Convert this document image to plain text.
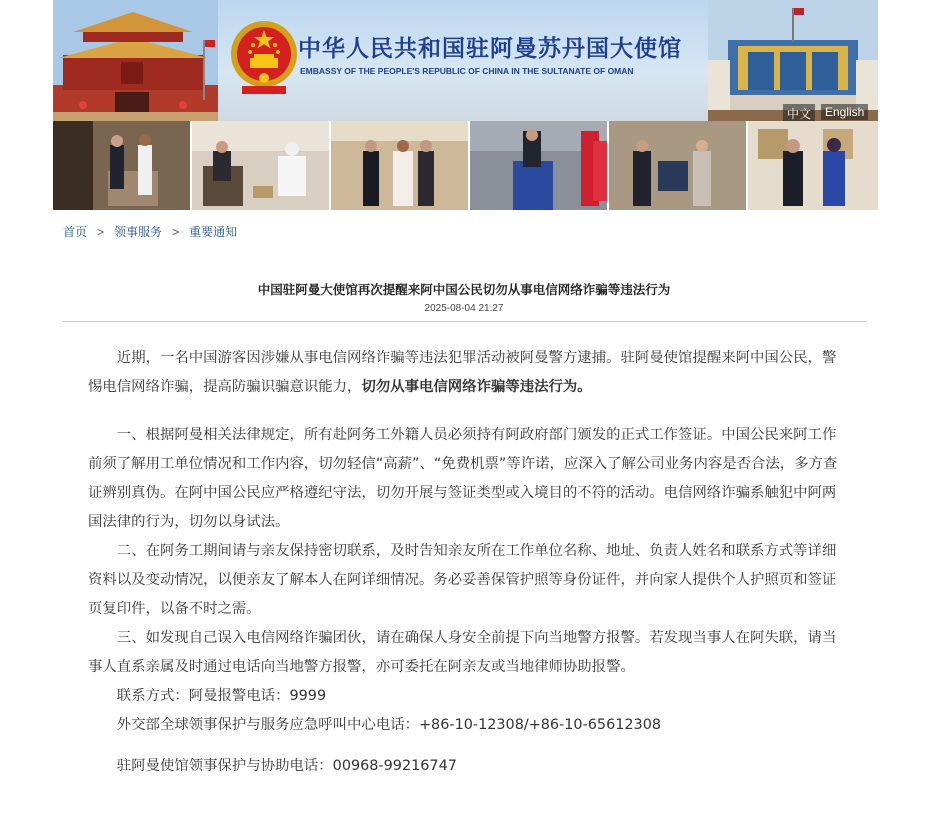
中华人民共和国驻阿曼苏丹国大使馆
EMBASSY OF THE PEOPLE'S REPUBLIC OF CHINA IN THE SULTANATE OF OMAN
中文	English
首页 > 领事服务 > 重要通知
中国驻阿曼大使馆再次提醒来阿中国公民切勿从事电信网络诈骗等违法行为
2025-08-04 21:27

近期，一名中国游客因涉嫌从事电信网络诈骗等违法犯罪活动被阿曼警方逮捕。驻阿曼使馆提醒来阿中国公民，警惕电信网络诈骗，提高防骗识骗意识能力，切勿从事电信网络诈骗等违法行为。

一、根据阿曼相关法律规定，所有赴阿务工外籍人员必须持有阿政府部门颁发的正式工作签证。中国公民来阿工作前须了解用工单位情况和工作内容，切勿轻信“高薪”、“免费机票”等许诺，应深入了解公司业务内容是否合法，多方查证辨别真伪。在阿中国公民应严格遵纪守法，切勿开展与签证类型或入境目的不符的活动。电信网络诈骗系触犯中阿两国法律的行为，切勿以身试法。

二、在阿务工期间请与亲友保持密切联系，及时告知亲友所在工作单位名称、地址、负责人姓名和联系方式等详细资料以及变动情况，以便亲友了解本人在阿详细情况。务必妥善保管护照等身份证件，并向家人提供个人护照页和签证页复印件，以备不时之需。

三、如发现自己误入电信网络诈骗团伙，请在确保人身安全前提下向当地警方报警。若发现当事人在阿失联，请当事人直系亲属及时通过电话向当地警方报警，亦可委托在阿亲友或当地律师协助报警。

联系方式：阿曼报警电话：9999

外交部全球领事保护与服务应急呼叫中心电话：+86-10-12308/+86-10-65612308

驻阿曼使馆领事保护与协助电话：00968-99216747
